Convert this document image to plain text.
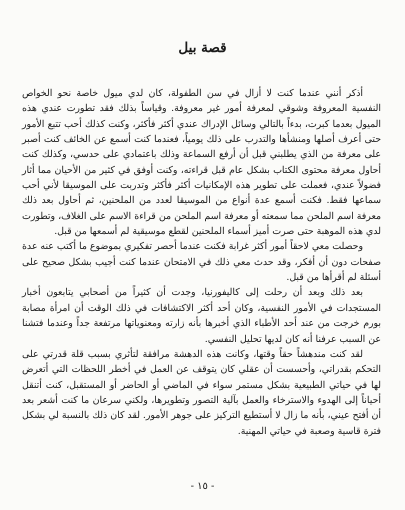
قصة بيل

أذكر أنني عندما كنت لا أزال في سن الطفولة، كان لدي ميول خاصة نحو الخواص النفسية المعروفة وشوقي لمعرفة أمور غير معروفة. وقياساً بذلك فقد تطورت عندي هذه الميول بعدما كبرت، بدءاً بالتالي وسائل الإدراك عندي أكثر فأكثر، وكنت كذلك أحب تتبع الأمور حتى أعرف أصلها ومنشأها والتدرب على ذلك يومياً، فعندما كنت أسمع عن الخائف كنت أصبر على معرفة من الذي يطلبني قبل أن أرفع السماعة وذلك باعتمادي على حدسي، وكذلك كنت أحاول معرفة محتوى الكتاب بشكل عام قبل قراءته، وكنت أوفق في كثير من الأحيان مما أثار فضولاً عندي، فعملت على تطوير هذه الإمكانيات أكثر فأكثر وتدربت على الموسيقا لأني أحب سماعها فقط. فكنت أسمع عدة أنواع من الموسيقا لعدد من الملحنين، ثم أحاول بعد ذلك معرفة اسم الملحن مما سمعته أو معرفة اسم الملحن من قراءة الاسم على الغلاف، وتطورت لدي هذه الموهبة حتى صرت أميز أسماء الملحنين لقطع موسيقية لم أسمعها من قبل.

وحصلت معي لاحقاً أمور أكثر غرابة فكنت عندما أحصر تفكيري بموضوع ما أكتب عنه عدة صفحات دون أن أفكر، وقد حدث معي ذلك في الامتحان عندما كنت أجيب بشكل صحيح على أسئلة لم أقرأها من قبل.

بعد ذلك وبعد أن رحلت إلى كاليفورنيا، وجدت أن كثيراً من أصحابي يتابعون أخبار المستجدات في الأمور النفسية، وكان أحد أكثر الاكتشافات في ذلك الوقت أن امرأة مصابة بورم خرجت من عند أحد الأطباء الذي أخبرها بأنه زارته ومعنوياتها مرتفعة جداً وعندما فتشنا عن السبب عرفنا أنه كان لديها تحليل النفسي.

لقد كنت مندهشاً حقاً وقتها، وكانت هذه الدهشة مرافقة لتأثري بسبب قلة قدرتي على التحكم بقدراتي، وأحسست أن عقلي كان يتوقف عن العمل في أخطر اللحظات التي أتعرض لها في حياتي الطبيعية بشكل مستمر سواء في الماضي أو الحاضر أو المستقبل، كنت أتنقل أحياناً إلى الهدوء والاسترخاء والعمل بآلية التصور وتطويرها، ولكني سرعان ما كنت أشعر بعد أن أفتح عيني، بأنه ما زال لا أستطيع التركيز على جوهر الأمور. لقد كان ذلك بالنسبة لي بشكل فترة قاسية وصعبة في حياتي المهنية.

- ١٥ -
